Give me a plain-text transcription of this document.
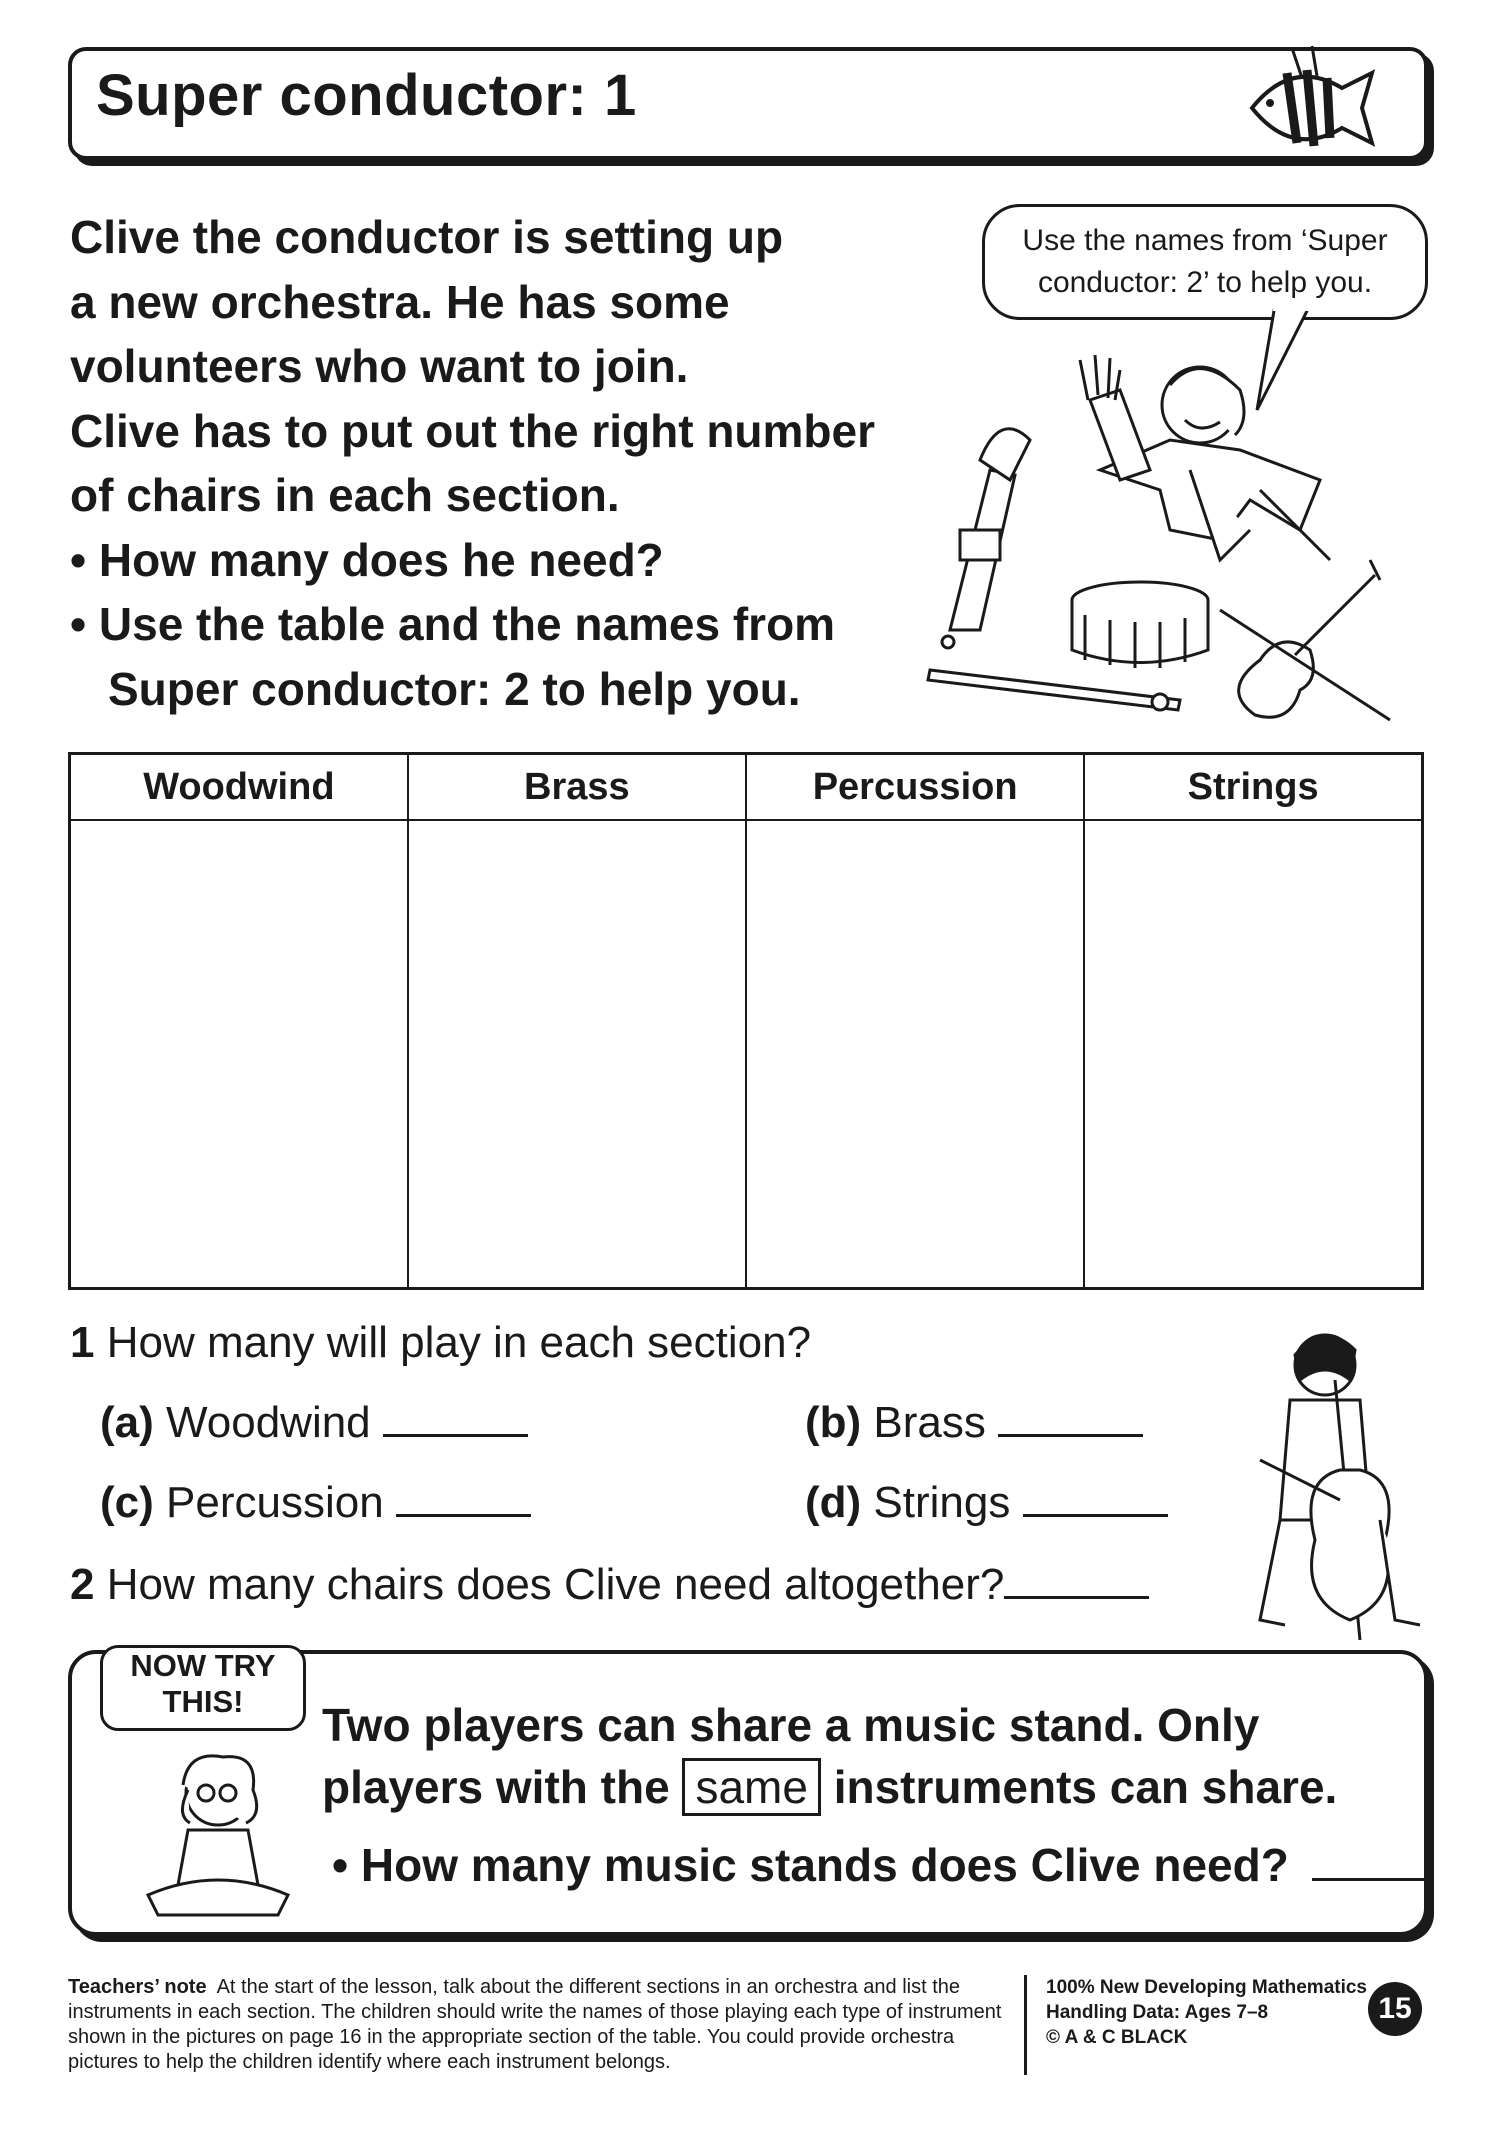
Super conductor: 1
Clive the conductor is setting up
a new orchestra. He has some
volunteers who want to join.
Clive has to put out the right number
of chairs in each section.
• How many does he need?
• Use the table and the names from
Super conductor: 2 to help you.
Use the names from ‘Super
conductor: 2’ to help you.
Woodwind	Brass	Percussion	Strings

1 How many will play in each section?
(a) Woodwind	(b) Brass
(c) Percussion	(d) Strings
2 How many chairs does Clive need altogether?
NOW TRY
THIS!	Two players can share a music stand. Only
players with the same instruments can share.
• How many music stands does Clive need?
Teachers’ note At the start of the lesson, talk about the different sections in an orchestra and list the instruments in each section. The children should write the names of those playing each type of instrument shown in the pictures on page 16 in the appropriate section of the table. You could provide orchestra pictures to help the children identify where each instrument belongs.
100% New Developing Mathematics
Handling Data: Ages 7–8
© A & C BLACK
15
